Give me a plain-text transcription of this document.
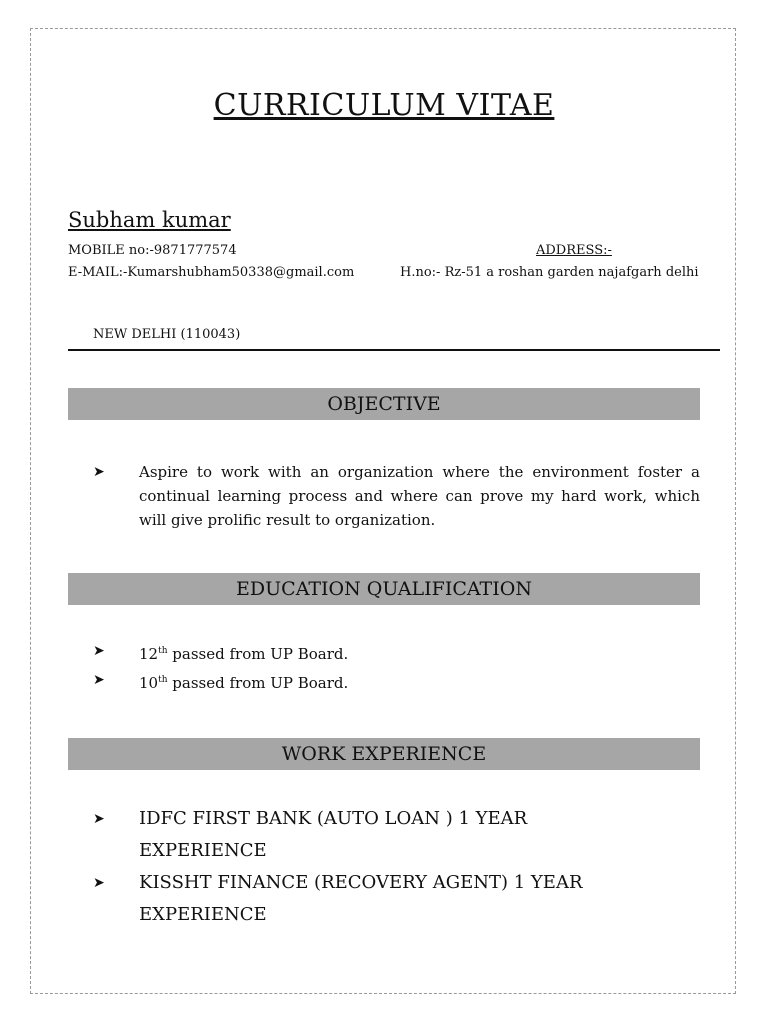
CURRICULUM VITAE
Subham kumar
MOBILE no:-9871777574
E-MAIL:-Kumarshubham50338@gmail.com
ADDRESS:-
H.no:- Rz-51 a roshan garden najafgarh delhi
NEW DELHI (110043)
OBJECTIVE
➤ Aspire to work with an organization where the environment foster a continual learning process and where can prove my hard work, which will give prolific result to organization.
EDUCATION QUALIFICATION
➤ 12th passed from UP Board.
➤ 10th passed from UP Board.
WORK EXPERIENCE
➤ IDFC FIRST BANK (AUTO LOAN ) 1 YEAR EXPERIENCE
➤ KISSHT FINANCE (RECOVERY AGENT) 1 YEAR EXPERIENCE
